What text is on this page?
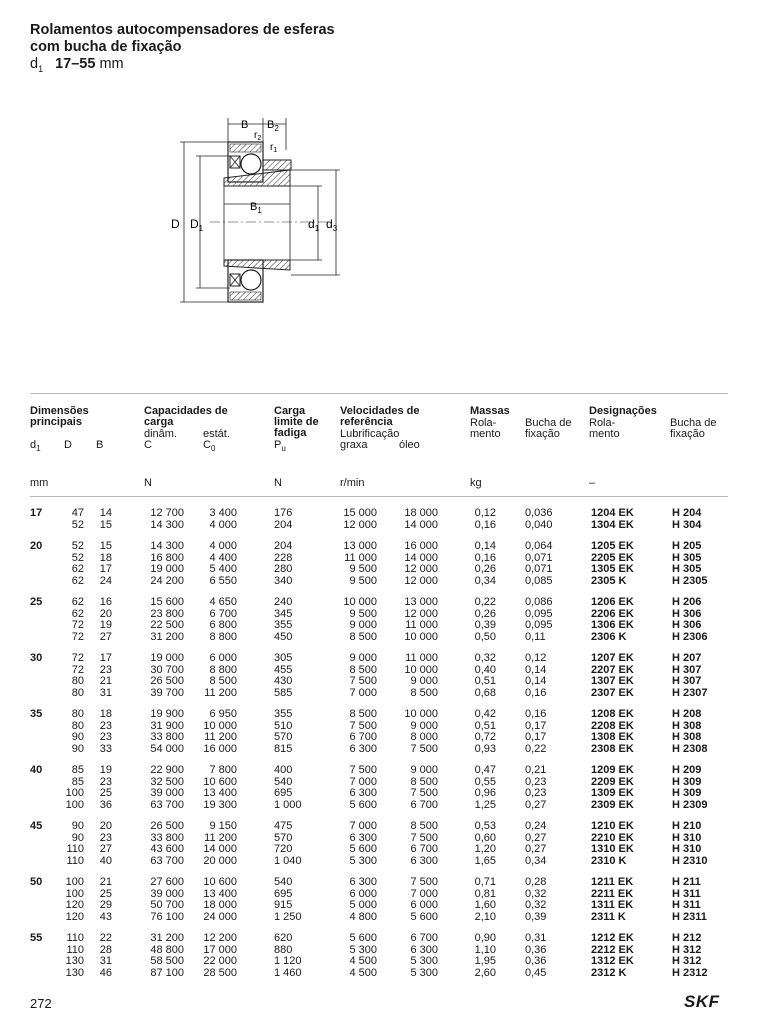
Rolamentos autocompensadores de esferas
com bucha de fixação
$d_1$ 17–55 mm
B $B_2$
$r_2$
$r_1$
$B_1$
D $D_1$	$d_1$ $d_3$
Dimensões
principais
$d_1$ D B
Capacidades de
carga
dinâm. estát.
C	$C_0$
Carga
limite de
fadiga
$P_u$
Velocidades de
referência
Lubrificação
graxa	óleo
Massas
Rola-
mento
Bucha de
fixação
Designações
Rola-
mento
Bucha de
fixação
mm	N	N	r/min	kg	–
17	47	14	12 700	3 400	176	15 000	18 000	0,12	0,036	1204 EK	H 204
52	15	14 300	4 000	204	12 000	14 000	0,16	0,040	1304 EK	H 304
20	52	15	14 300	4 000	204	13 000	16 000	0,14	0,064	1205 EK	H 205
52	18	16 800	4 400	228	11 000	14 000	0,16	0,071	2205 EK	H 305
62	17	19 000	5 400	280	9 500	12 000	0,26	0,071	1305 EK	H 305
62	24	24 200	6 550	340	9 500	12 000	0,34	0,085	2305 K	H 2305
25	62	16	15 600	4 650	240	10 000	13 000	0,22	0,086	1206 EK	H 206
62	20	23 800	6 700	345	9 500	12 000	0,26	0,095	2206 EK	H 306
72	19	22 500	6 800	355	9 000	11 000	0,39	0,095	1306 EK	H 306
72	27	31 200	8 800	450	8 500	10 000	0,50	0,11	2306 K	H 2306
30	72	17	19 000	6 000	305	9 000	11 000	0,32	0,12	1207 EK	H 207
72	23	30 700	8 800	455	8 500	10 000	0,40	0,14	2207 EK	H 307
80	21	26 500	8 500	430	7 500	9 000	0,51	0,14	1307 EK	H 307
80	31	39 700	11 200	585	7 000	8 500	0,68	0,16	2307 EK	H 2307
35	80	18	19 900	6 950	355	8 500	10 000	0,42	0,16	1208 EK	H 208
80	23	31 900	10 000	510	7 500	9 000	0,51	0,17	2208 EK	H 308
90	23	33 800	11 200	570	6 700	8 000	0,72	0,17	1308 EK	H 308
90	33	54 000	16 000	815	6 300	7 500	0,93	0,22	2308 EK	H 2308
40	85	19	22 900	7 800	400	7 500	9 000	0,47	0,21	1209 EK	H 209
85	23	32 500	10 600	540	7 000	8 500	0,55	0,23	2209 EK	H 309
100	25	39 000	13 400	695	6 300	7 500	0,96	0,23	1309 EK	H 309
100	36	63 700	19 300	1 000	5 600	6 700	1,25	0,27	2309 EK	H 2309
45	90	20	26 500	9 150	475	7 000	8 500	0,53	0,24	1210 EK	H 210
90	23	33 800	11 200	570	6 300	7 500	0,60	0,27	2210 EK	H 310
110	27	43 600	14 000	720	5 600	6 700	1,20	0,27	1310 EK	H 310
110	40	63 700	20 000	1 040	5 300	6 300	1,65	0,34	2310 K	H 2310
50 100	21	27 600	10 600	540	6 300	7 500	0,71	0,28	1211 EK	H 211
100	25	39 000	13 400	695	6 000	7 000	0,81	0,32	2211 EK	H 311
120	29	50 700	18 000	915	5 000	6 000	1,60	0,32	1311 EK	H 311
120	43	76 100	24 000	1 250	4 800	5 600	2,10	0,39	2311 K	H 2311
55 110	22	31 200	12 200	620	5 600	6 700	0,90	0,31	1212 EK	H 212
110	28	48 800	17 000	880	5 300	6 300	1,10	0,36	2212 EK	H 312
130	31	58 500	22 000	1 120	4 500	5 300	1,95	0,36	1312 EK	H 312
130	46	87 100	28 500	1 460	4 500	5 300	2,60	0,45	2312 K	H 2312
272	SKF
